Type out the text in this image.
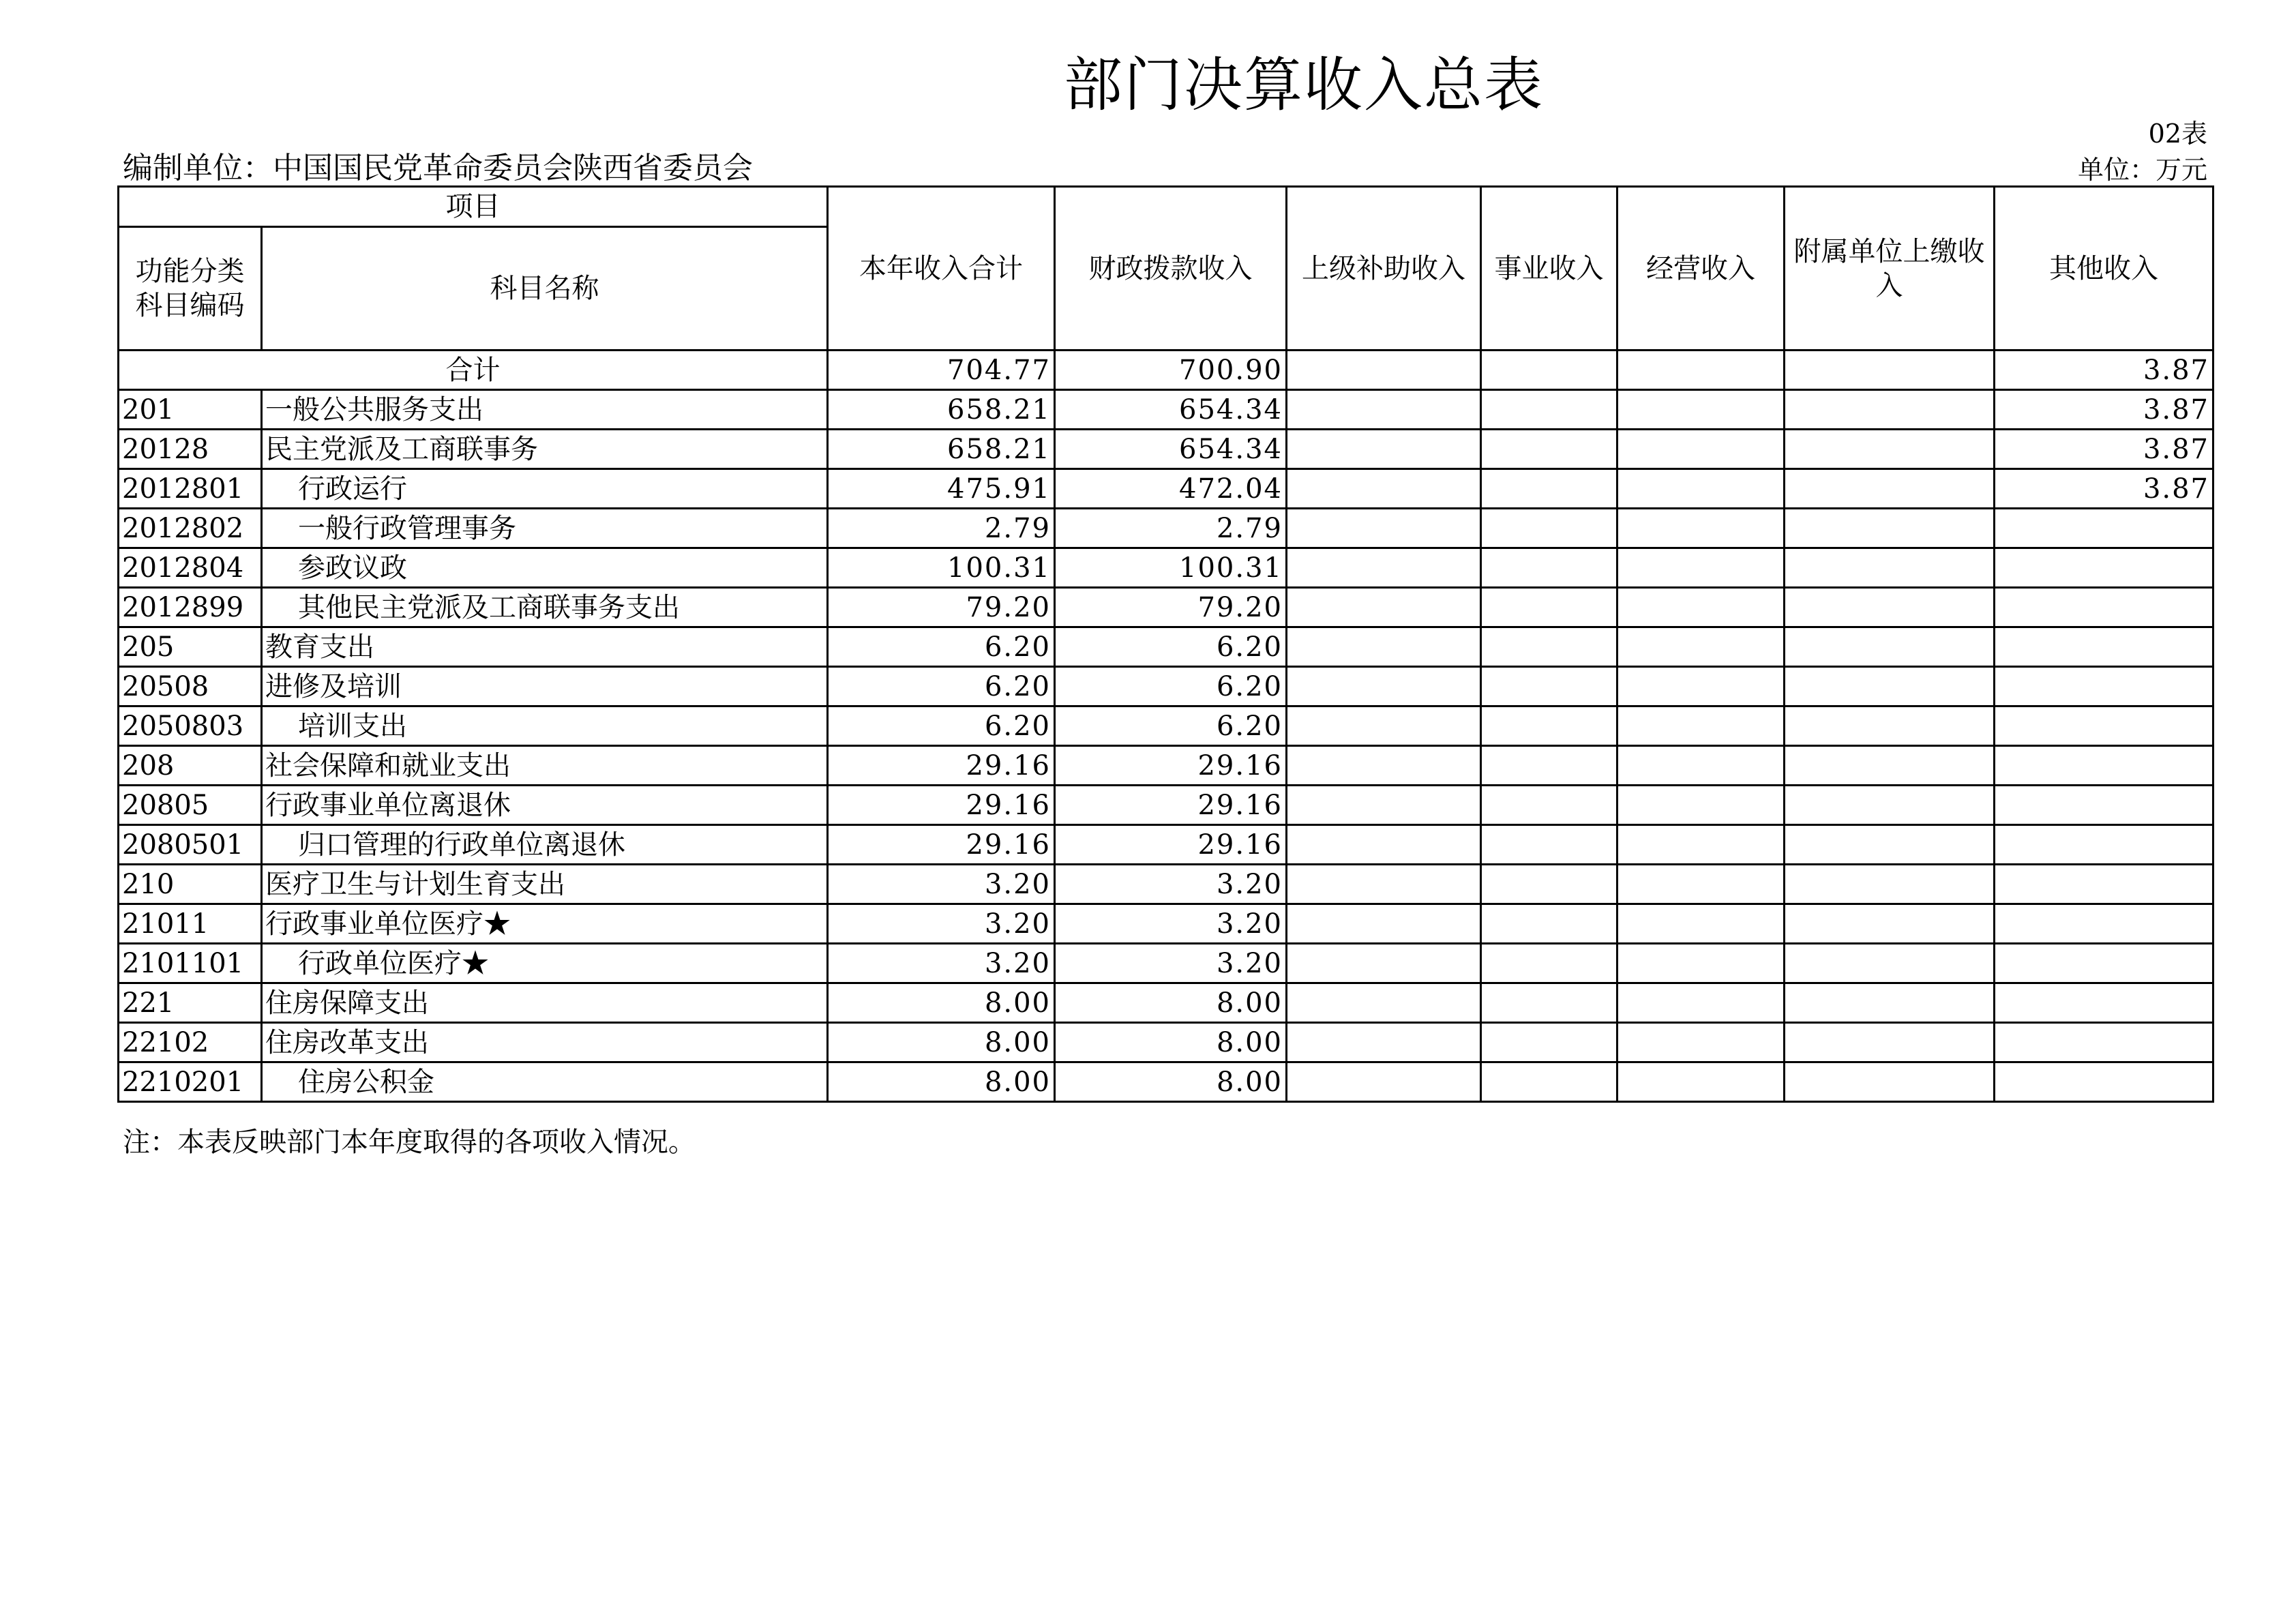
部门决算收入总表
02表
编制单位：中国国民党革命委员会陕西省委员会	单位：万元
项目		本年收入合计	财政拨款收入	上级补助收入	事业收入	经营收入	附属单位上缴收入	其他收入
功能分类科目编码	科目名称							
合计		704.77	700.90					3.87
201	一般公共服务支出	658.21	654.34					3.87
20128	民主党派及工商联事务	658.21	654.34					3.87
2012801	行政运行	475.91	472.04					3.87
2012802	一般行政管理事务	2.79	2.79					
2012804	参政议政	100.31	100.31					
2012899	其他民主党派及工商联事务支出	79.20	79.20					
205	教育支出	6.20	6.20					
20508	进修及培训	6.20	6.20					
2050803	培训支出	6.20	6.20					
208	社会保障和就业支出	29.16	29.16					
20805	行政事业单位离退休	29.16	29.16					
2080501	归口管理的行政单位离退休	29.16	29.16					
210	医疗卫生与计划生育支出	3.20	3.20					
21011	行政事业单位医疗★	3.20	3.20					
2101101	行政单位医疗★	3.20	3.20					
221	住房保障支出	8.00	8.00					
22102	住房改革支出	8.00	8.00					
2210201	住房公积金	8.00	8.00					
注：本表反映部门本年度取得的各项收入情况。
